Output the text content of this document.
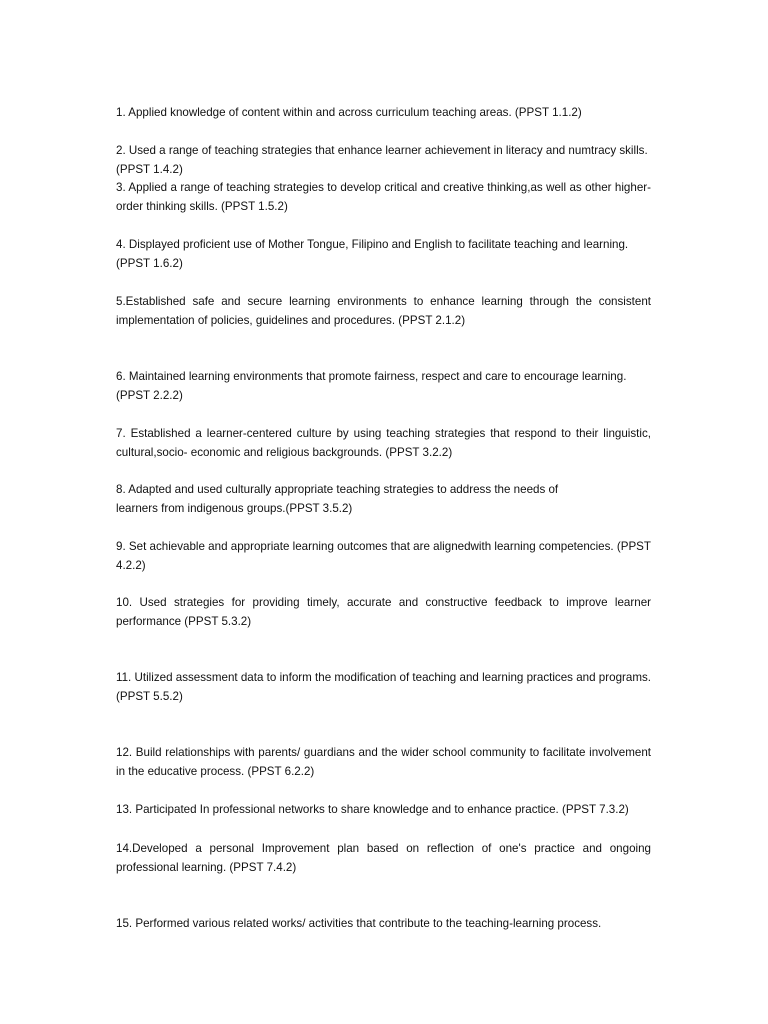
1. Applied knowledge of content within and across curriculum teaching areas. (PPST 1.1.2)

2. Used a range of teaching strategies that enhance learner achievement in literacy and numtracy skills. (PPST 1.4.2)

3. Applied a range of teaching strategies to develop critical and creative thinking,as well as other higher-order thinking skills. (PPST 1.5.2)

4. Displayed proficient use of Mother Tongue, Filipino and English to facilitate teaching and learning. (PPST 1.6.2)

5.Established safe and secure learning environments to enhance learning through the consistent implementation of policies, guidelines and procedures. (PPST 2.1.2)

6. Maintained learning environments that promote fairness, respect and care to encourage learning. (PPST 2.2.2)

7. Established a learner-centered culture by using teaching strategies that respond to their linguistic, cultural,socio- economic and religious backgrounds. (PPST 3.2.2)

8. Adapted and used culturally appropriate teaching strategies to address the needs of
learners from indigenous groups.(PPST 3.5.2)

9. Set achievable and appropriate learning outcomes that are alignedwith learning competencies. (PPST 4.2.2)

10. Used strategies for providing timely, accurate and constructive feedback to improve learner performance (PPST 5.3.2)

11. Utilized assessment data to inform the modification of teaching and learning practices and programs. (PPST 5.5.2)

12. Build relationships with parents/ guardians and the wider school community to facilitate involvement in the educative process. (PPST 6.2.2)

13. Participated In professional networks to share knowledge and to enhance practice. (PPST 7.3.2)

14.Developed a personal Improvement plan based on reflection of one's practice and ongoing professional learning. (PPST 7.4.2)

15. Performed various related works/ activities that contribute to the teaching-learning process.
